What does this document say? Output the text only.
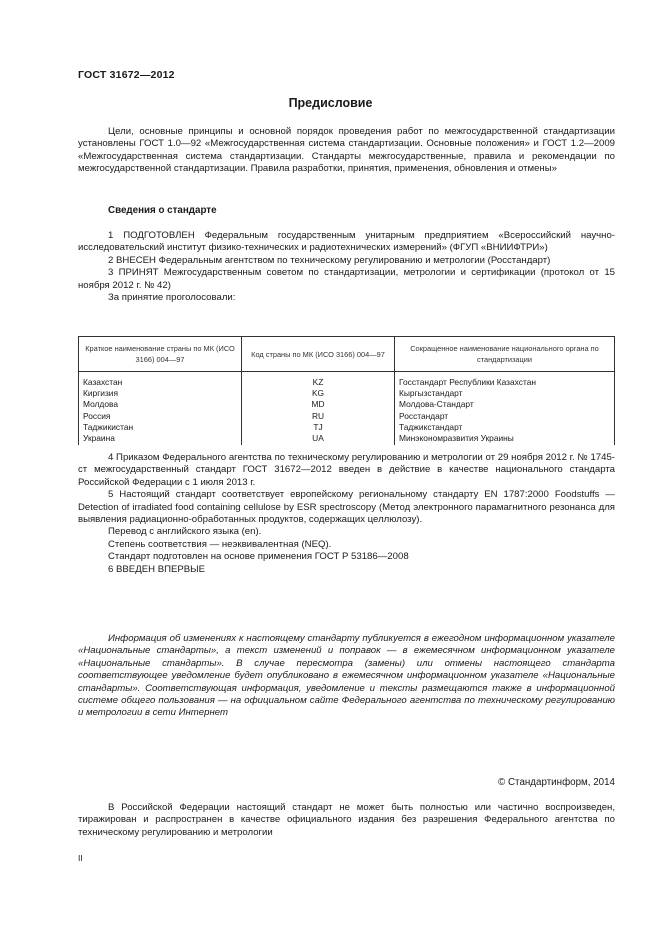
ГОСТ 31672—2012
Предисловие

Цели, основные принципы и основной порядок проведения работ по межгосударственной стандартизации установлены ГОСТ 1.0—92 «Межгосударственная система стандартизации. Основные положения» и ГОСТ 1.2—2009 «Межгосударственная система стандартизации. Стандарты межгосударственные, правила и рекомендации по межгосударственной стандартизации. Правила разработки, принятия, применения, обновления и отмены»

Сведения о стандарте

1 ПОДГОТОВЛЕН Федеральным государственным унитарным предприятием «Всероссийский научно-исследовательский институт физико-технических и радиотехнических измерений» (ФГУП «ВНИИФТРИ»)

2 ВНЕСЕН Федеральным агентством по техническому регулированию и метрологии (Росстандарт)

3 ПРИНЯТ Межгосударственным советом по стандартизации, метрологии и сертификации (протокол от 15 ноября 2012 г. № 42)

За принятие проголосовали:

Краткое наименование страны по МК (ИСО 3166) 004—97	Код страны по МК (ИСО 3166) 004—97	Сокращенное наименование национального органа по стандартизации
Казахстан	KZ	Госстандарт Республики Казахстан
Киргизия	KG	Кыргызстандарт
Молдова	MD	Молдова-Стандарт
Россия	RU	Росстандарт
Таджикистан	TJ	Таджикстандарт
Украина	UA	Минэкономразвития Украины

4 Приказом Федерального агентства по техническому регулированию и метрологии от 29 ноября 2012 г. № 1745-ст межгосударственный стандарт ГОСТ 31672—2012 введен в действие в качестве национального стандарта Российской Федерации с 1 июля 2013 г.

5 Настоящий стандарт соответствует европейскому региональному стандарту EN 1787:2000 Foodstuffs — Detection of irradiated food containing cellulose by ESR spectroscopy (Метод электронного парамагнитного резонанса для выявления радиационно-обработанных продуктов, содержащих целлюлозу).

Перевод с английского языка (en).

Степень соответствия — неэквивалентная (NEQ).

Стандарт подготовлен на основе применения ГОСТ Р 53186—2008

6 ВВЕДЕН ВПЕРВЫЕ

Информация об изменениях к настоящему стандарту публикуется в ежегодном информационном указателе «Национальные стандарты», а текст изменений и поправок — в ежемесячном информационном указателе «Национальные стандарты». В случае пересмотра (замены) или отмены настоящего стандарта соответствующее уведомление будет опубликовано в ежемесячном информационном указателе «Национальные стандарты». Соответствующая информация, уведомление и тексты размещаются также в информационной системе общего пользования — на официальном сайте Федерального агентства по техническому регулированию и метрологии в сети Интернет

© Стандартинформ, 2014

В Российской Федерации настоящий стандарт не может быть полностью или частично воспроизведен, тиражирован и распространен в качестве официального издания без разрешения Федерального агентства по техническому регулированию и метрологии

II
